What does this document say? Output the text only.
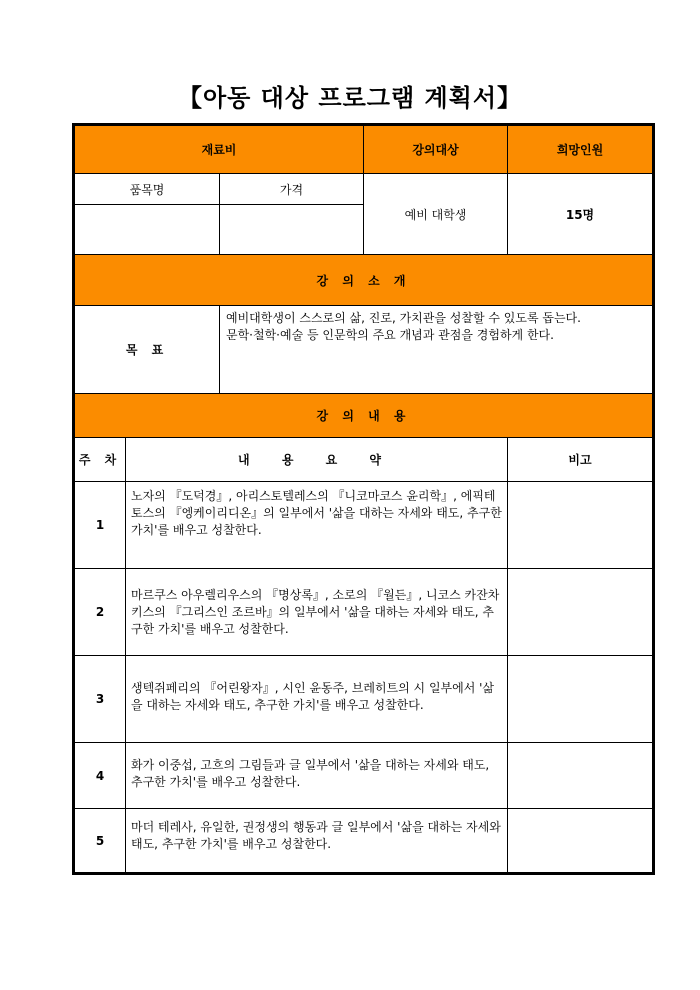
【아동 대상 프로그램 계획서】
재료비			강의대상	희망인원
품목명		가격	예비 대학생	15명

강 의 소 개				
목 표		예비대학생이 스스로의 삶, 진로, 가치관을 성찰할 수 있도록 돕는다.
문학·철학·예술 등 인문학의 주요 개념과 관점을 경험하게 한다.		

강 의 내 용				
주 차	내 용 요 약			비고
1	노자의 『도덕경』, 아리스토텔레스의 『니코마코스 윤리학』, 에픽테토스의 『엥케이리디온』의 일부에서 '삶을 대하는 자세와 태도, 추구한 가치'를 배우고 성찰한다.			
2	마르쿠스 아우렐리우스의 『명상록』, 소로의 『월든』, 니코스 카잔차키스의 『그리스인 조르바』의 일부에서 '삶을 대하는 자세와 태도, 추구한 가치'를 배우고 성찰한다.			
3	생텍쥐페리의 『어린왕자』, 시인 윤동주, 브레히트의 시 일부에서 '삶을 대하는 자세와 태도, 추구한 가치'를 배우고 성찰한다.			
4	화가 이중섭, 고흐의 그림들과 글 일부에서 '삶을 대하는 자세와 태도, 추구한 가치'를 배우고 성찰한다.			
5	마더 테레사, 유일한, 권정생의 행동과 글 일부에서 '삶을 대하는 자세와 태도, 추구한 가치'를 배우고 성찰한다.			
